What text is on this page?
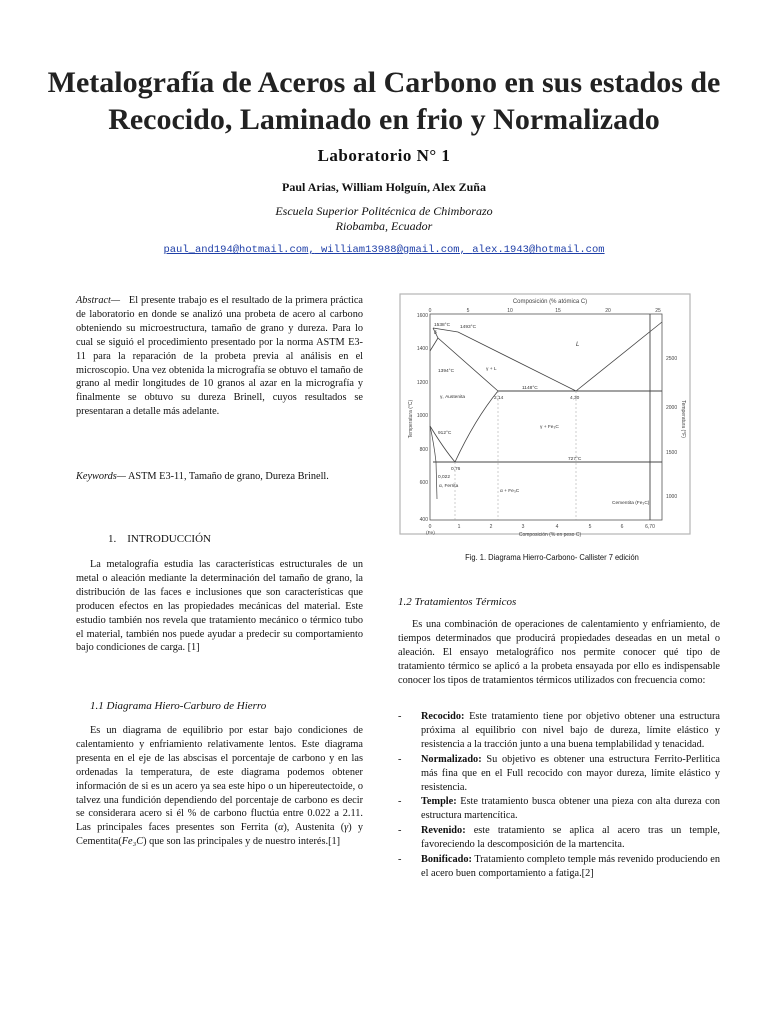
Metalografía de Aceros al Carbono en sus estados de Recocido, Laminado en frio y Normalizado
Laboratorio N° 1
Paul Arias, William Holguín, Alex Zuña
Escuela Superior Politécnica de Chimborazo
Riobamba, Ecuador
paul_and194@hotmail.com, william13988@gmail.com, alex.1943@hotmail.com

Abstract— El presente trabajo es el resultado de la primera práctica de laboratorio en donde se analizó una probeta de acero al carbono obteniendo su microestructura, tamaño de grano y dureza. Para lo cual se siguió el procedimiento presentado por la norma ASTM E3-11 para la reparación de la probeta previa al análisis en el microscopio. Una vez obtenida la micrografía se obtuvo el tamaño de grano al medir longitudes de 10 granos al azar en la micrografía y finalmente se obtuvo su dureza Brinell, cuyos resultados se presentaran a detalle más adelante.

Keywords— ASTM E3-11, Tamaño de grano, Dureza Brinell.

1.    INTRODUCCIÓN

La metalografía estudia las características estructurales de un metal o aleación mediante la determinación del tamaño de grano, la distribución de las faces e inclusiones que son características que producen efectos en las propiedades mecánicas del material. Este estudio también nos revela que tratamiento mecánico o térmico tubo el material, también nos puede ayudar a predecir su comportamiento bajo condiciones de carga. [1]

1.1 Diagrama Hiero-Carburo de Hierro

Es un diagrama de equilibrio por estar bajo condiciones de calentamiento y enfriamiento relativamente lentos. Este diagrama presenta en el eje de las abscisas el porcentaje de carbono y en las ordenadas la temperatura, de este diagrama podemos obtener información de si es un acero ya sea este hipo o un hipereutectoide, o talvez una fundición dependiendo del porcentaje de carbono es decir se considerara acero si él % de carbono fluctúa entre 0.022 a 2.11. Las principales faces presentes son Ferrita (α), Austenita (γ) y Cementita(Fe₃C) que son las principales y de nuestro interés.[1]

Composición (% atómica C)
0	5	10	15	20	25
1600
1400
1200
1000
800
600
400
Temperatura (°C)
2500
2000
1500
1000
Temperatura (°F)
0	1	2	3	4	5	6	6,70
Composición (% en peso C)
1538°C 1493°C
1394°C
912°C
1148°C
727°C
2,14	4,30
0,76
0,022
L
γ + L
γ, Austenita
γ + Fe₃C
α + Fe₃C
Cementita (Fe₃C)
α, Ferrita
δ
(Fe)
Fig. 1. Diagrama Hierro-Carbono- Callister 7 edición
1.2 Tratamientos Térmicos

Es una combinación de operaciones de calentamiento y enfriamiento, de tiempos determinados que producirá propiedades deseadas en un metal o aleación. El ensayo metalográfico nos permite conocer qué tipo de tratamiento térmico se aplicó a la probeta ensayada por ello es indispensable conocer los tipos de tratamientos térmicos utilizados con frecuencia como:

-	Recocido: Este tratamiento tiene por objetivo obtener una estructura próxima al equilibrio con nivel bajo de dureza, límite elástico y resistencia a la tracción junto a una buena templabilidad y tenacidad.
-	Normalizado: Su objetivo es obtener una estructura Ferrito-Perlitica más fina que en el Full recocido con mayor dureza, límite elástico y resistencia.
-	Temple: Este tratamiento busca obtener una pieza con alta dureza con estructura martencítica.
-	Revenido: este tratamiento se aplica al acero tras un temple, favoreciendo la descomposición de la martencita.
-	Bonificado: Tratamiento completo temple más revenido produciendo en el acero buen comportamiento a fatiga.[2]
